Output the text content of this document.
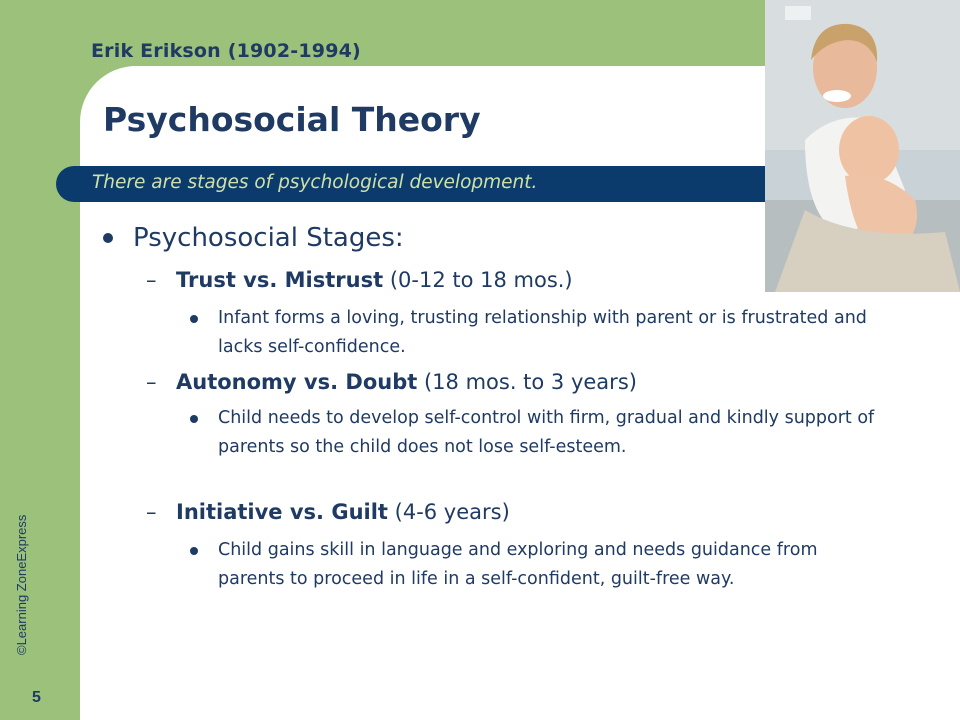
Erik Erikson (1902-1994)
Psychosocial Theory
There are stages of psychological development.
©Learning ZoneExpress
5
Psychosocial Stages:
– Trust vs. Mistrust (0-12 to 18 mos.)
Infant forms a loving, trusting relationship with parent or is frustrated and lacks self-confidence.
– Autonomy vs. Doubt (18 mos. to 3 years)
Child needs to develop self-control with firm, gradual and kindly support of parents so the child does not lose self-esteem.
– Initiative vs. Guilt (4-6 years)
Child gains skill in language and exploring and needs guidance from parents to proceed in life in a self-confident, guilt-free way.
